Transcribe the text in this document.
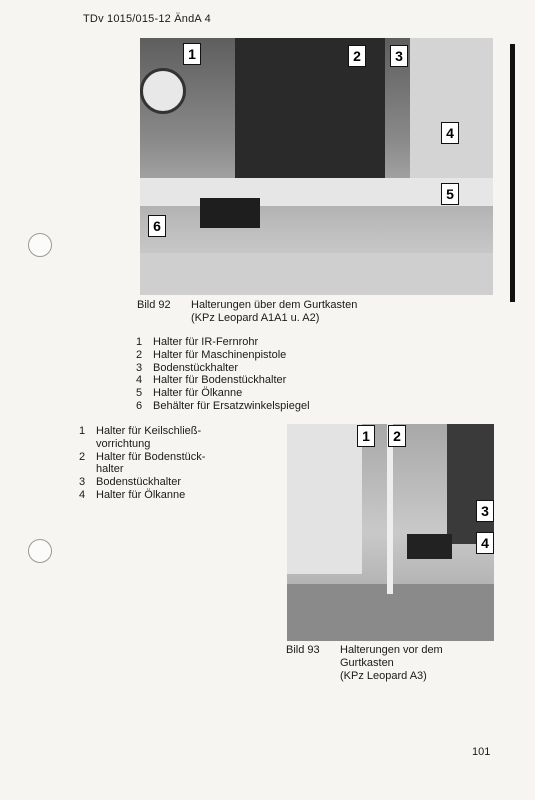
TDv 1015/015-12 ÄndA 4
1	2	3
4
5
6
Bild 92 Halterungen über dem Gurtkasten
(KPz Leopard A1A1 u. A2)
1 Halter für IR-Fernrohr
2 Halter für Maschinenpistole
3 Bodenstückhalter
4 Halter für Bodenstückhalter
5 Halter für Ölkanne
6 Behälter für Ersatzwinkelspiegel
1 Halter für Keilschließ-
vorrichtung
2 Halter für Bodenstück-
halter
3 Bodenstückhalter
4 Halter für Ölkanne
1	2
3
4
Bild 93 Halterungen vor dem
Gurtkasten
(KPz Leopard A3)
101
